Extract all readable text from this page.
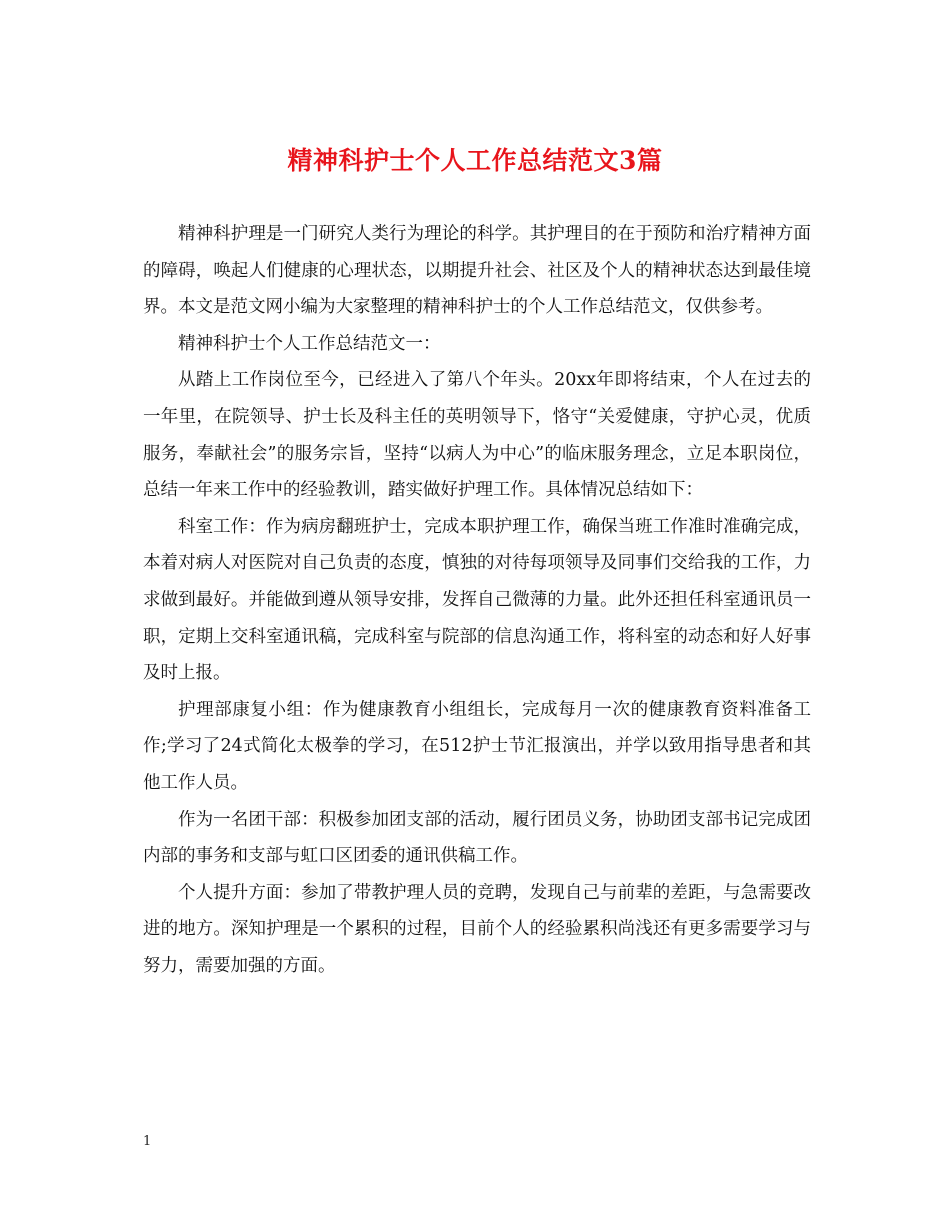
精神科护士个人工作总结范文3篇

精神科护理是一门研究人类行为理论的科学。其护理目的在于预防和治疗精神方面的障碍，唤起人们健康的心理状态，以期提升社会、社区及个人的精神状态达到最佳境界。本文是范文网小编为大家整理的精神科护士的个人工作总结范文，仅供参考。

精神科护士个人工作总结范文一：

从踏上工作岗位至今，已经进入了第八个年头。20xx年即将结束，个人在过去的一年里，在院领导、护士长及科主任的英明领导下，恪守“关爱健康，守护心灵，优质服务，奉献社会”的服务宗旨，坚持“以病人为中心”的临床服务理念，立足本职岗位，总结一年来工作中的经验教训，踏实做好护理工作。具体情况总结如下：

科室工作：作为病房翻班护士，完成本职护理工作，确保当班工作准时准确完成，本着对病人对医院对自己负责的态度，慎独的对待每项领导及同事们交给我的工作，力求做到最好。并能做到遵从领导安排，发挥自己微薄的力量。此外还担任科室通讯员一职，定期上交科室通讯稿，完成科室与院部的信息沟通工作，将科室的动态和好人好事及时上报。

护理部康复小组：作为健康教育小组组长，完成每月一次的健康教育资料准备工作;学习了24式简化太极拳的学习，在512护士节汇报演出，并学以致用指导患者和其他工作人员。

作为一名团干部：积极参加团支部的活动，履行团员义务，协助团支部书记完成团内部的事务和支部与虹口区团委的通讯供稿工作。

个人提升方面：参加了带教护理人员的竞聘，发现自己与前辈的差距，与急需要改进的地方。深知护理是一个累积的过程，目前个人的经验累积尚浅还有更多需要学习与努力，需要加强的方面。

1
